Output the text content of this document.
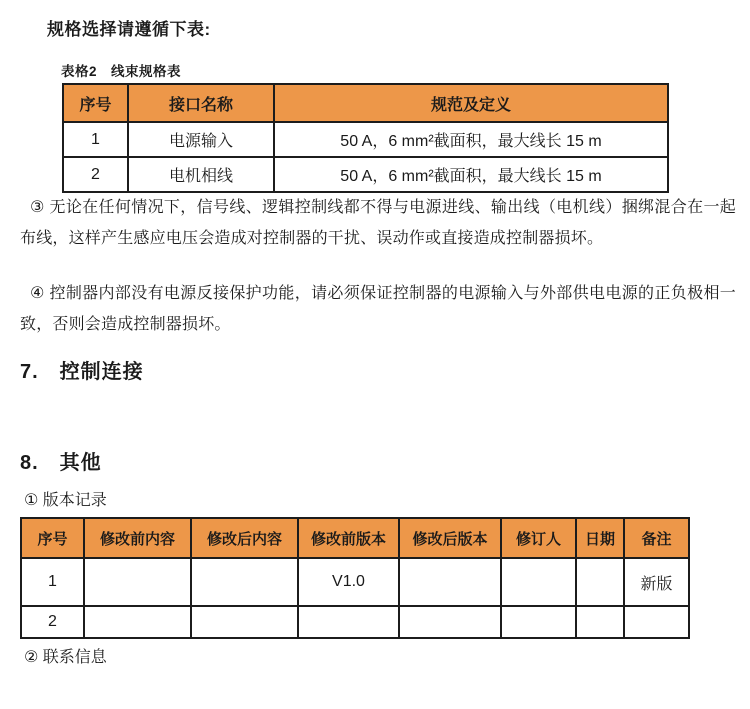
规格选择请遵循下表:
表格2　线束规格表
序号	接口名称	规范及定义
1	电源输入	50 A，6 mm²截面积，最大线长 15 m
2	电机相线	50 A，6 mm²截面积，最大线长 15 m
③ 无论在任何情况下，信号线、逻辑控制线都不得与电源进线、输出线（电机线）捆绑混合在一起布线，这样产生感应电压会造成对控制器的干扰、误动作或直接造成控制器损坏。
④ 控制器内部没有电源反接保护功能，请必须保证控制器的电源输入与外部供电电源的正负极相一致，否则会造成控制器损坏。
7.　控制连接
8.　其他
① 版本记录
序号	修改前内容	修改后内容	修改前版本	修改后版本	修订人	日期	备注
1			V1.0				新版
2							
② 联系信息
